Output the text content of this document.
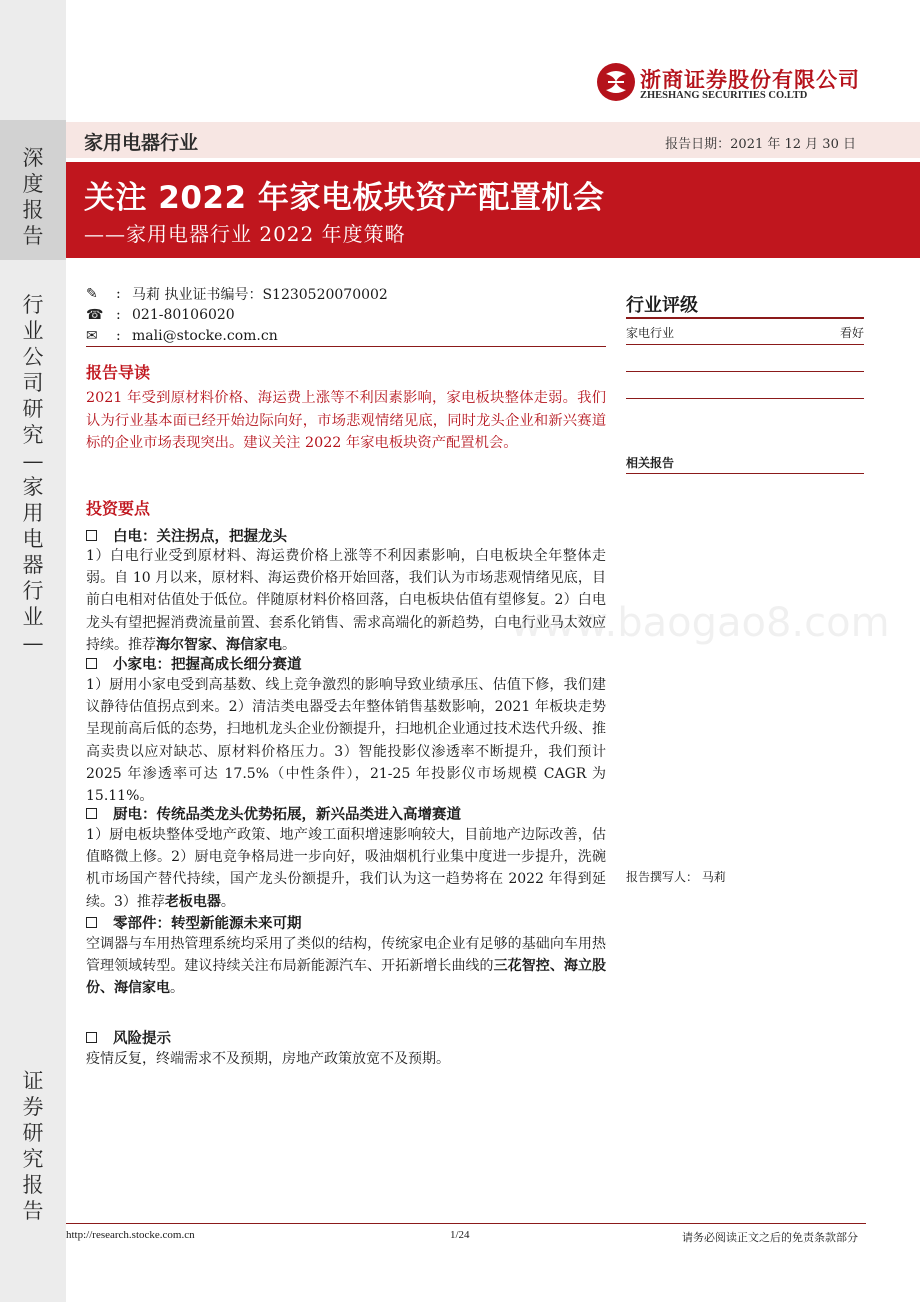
深
度
报
告
行
业
公
司
研
究
—
家
用
电
器
行
业
—
证
券
研
究
报
告
浙商证券股份有限公司
ZHESHANG SECURITIES CO.LTD
家用电器行业	报告日期：2021 年 12 月 30 日
关注 2022 年家电板块资产配置机会
——家用电器行业 2022 年度策略
✎	: 马莉 执业证书编号：S1230520070002
☎ : 021-80106020
✉	: mali@stocke.com.cn
报告导读
2021 年受到原材料价格、海运费上涨等不利因素影响，家电板块整体走弱。我们认为行业基本面已经开始边际向好，市场悲观情绪见底，同时龙头企业和新兴赛道标的企业市场表现突出。建议关注 2022 年家电板块资产配置机会。
投资要点
白电：关注拐点，把握龙头
1）白电行业受到原材料、海运费价格上涨等不利因素影响，白电板块全年整体走弱。自 10 月以来，原材料、海运费价格开始回落，我们认为市场悲观情绪见底，目前白电相对估值处于低位。伴随原材料价格回落，白电板块估值有望修复。2）白电龙头有望把握消费流量前置、套系化销售、需求高端化的新趋势，白电行业马太效应持续。推荐海尔智家、海信家电。
小家电：把握高成长细分赛道
1）厨用小家电受到高基数、线上竞争激烈的影响导致业绩承压、估值下修，我们建议静待估值拐点到来。2）清洁类电器受去年整体销售基数影响，2021 年板块走势呈现前高后低的态势，扫地机龙头企业份额提升，扫地机企业通过技术迭代升级、推高卖贵以应对缺芯、原材料价格压力。3）智能投影仪渗透率不断提升，我们预计 2025 年渗透率可达 17.5%（中性条件），21-25 年投影仪市场规模 CAGR 为 15.11%。
厨电：传统品类龙头优势拓展，新兴品类进入高增赛道
1）厨电板块整体受地产政策、地产竣工面积增速影响较大，目前地产边际改善，估值略微上修。2）厨电竞争格局进一步向好，吸油烟机行业集中度进一步提升，洗碗机市场国产替代持续，国产龙头份额提升，我们认为这一趋势将在 2022 年得到延续。3）推荐老板电器。
零部件：转型新能源未来可期
空调器与车用热管理系统均采用了类似的结构，传统家电企业有足够的基础向车用热管理领域转型。建议持续关注布局新能源汽车、开拓新增长曲线的三花智控、海立股份、海信家电。
风险提示
疫情反复，终端需求不及预期，房地产政策放宽不及预期。
行业评级
家电行业	看好
相关报告
报告撰写人： 马莉
www.baogao8.com
http://research.stocke.com.cn	1/24	请务必阅读正文之后的免责条款部分
